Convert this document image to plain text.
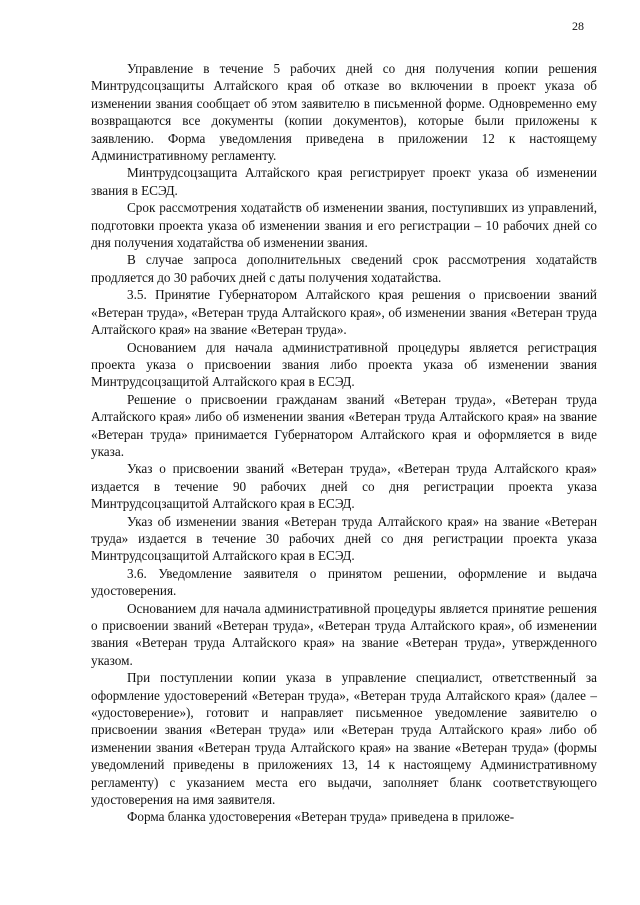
28

Управление в течение 5 рабочих дней со дня получения копии решения Минтрудсоцзащиты Алтайского края об отказе во включении в проект указа об изменении звания сообщает об этом заявителю в письменной форме. Одновременно ему возвращаются все документы (копии документов), которые были приложены к заявлению. Форма уведомления приведена в приложении 12 к настоящему Административному регламенту.

Минтрудсоцзащита Алтайского края регистрирует проект указа об изменении звания в ЕСЭД.

Срок рассмотрения ходатайств об изменении звания, поступивших из управлений, подготовки проекта указа об изменении звания и его регистрации – 10 рабочих дней со дня получения ходатайства об изменении звания.

В случае запроса дополнительных сведений срок рассмотрения ходатайств продляется до 30 рабочих дней с даты получения ходатайства.

3.5. Принятие Губернатором Алтайского края решения о присвоении званий «Ветеран труда», «Ветеран труда Алтайского края», об изменении звания «Ветеран труда Алтайского края» на звание «Ветеран труда».

Основанием для начала административной процедуры является регистрация проекта указа о присвоении звания либо проекта указа об изменении звания Минтрудсоцзащитой Алтайского края в ЕСЭД.

Решение о присвоении гражданам званий «Ветеран труда», «Ветеран труда Алтайского края» либо об изменении звания «Ветеран труда Алтайского края» на звание «Ветеран труда» принимается Губернатором Алтайского края и оформляется в виде указа.

Указ о присвоении званий «Ветеран труда», «Ветеран труда Алтайского края» издается в течение 90 рабочих дней со дня регистрации проекта указа Минтрудсоцзащитой Алтайского края в ЕСЭД.

Указ об изменении звания «Ветеран труда Алтайского края» на звание «Ветеран труда» издается в течение 30 рабочих дней со дня регистрации проекта указа Минтрудсоцзащитой Алтайского края в ЕСЭД.

3.6. Уведомление заявителя о принятом решении, оформление и выдача удостоверения.

Основанием для начала административной процедуры является принятие решения о присвоении званий «Ветеран труда», «Ветеран труда Алтайского края», об изменении звания «Ветеран труда Алтайского края» на звание «Ветеран труда», утвержденного указом.

При поступлении копии указа в управление специалист, ответственный за оформление удостоверений «Ветеран труда», «Ветеран труда Алтайского края» (далее – «удостоверение»), готовит и направляет письменное уведомление заявителю о присвоении звания «Ветеран труда» или «Ветеран труда Алтайского края» либо об изменении звания «Ветеран труда Алтайского края» на звание «Ветеран труда» (формы уведомлений приведены в приложениях 13, 14 к настоящему Административному регламенту) с указанием места его выдачи, заполняет бланк соответствующего удостоверения на имя заявителя.

Форма бланка удостоверения «Ветеран труда» приведена в приложе-
